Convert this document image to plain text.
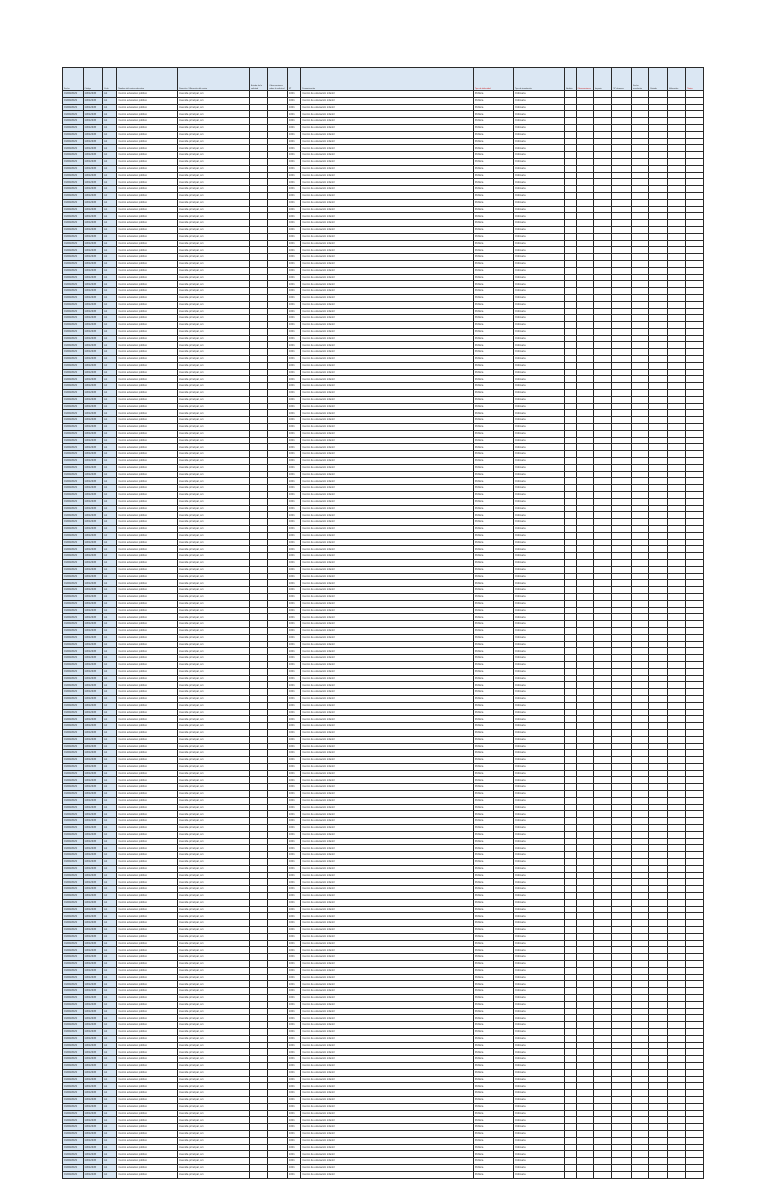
Fecha	Código	Ciclo	Nombre del centro educativo	Dirección / Ubicación del centro	Estado de la solicitud	Observaciones sobre la solicitud	Nº	Denominación	Tipo de titularidad	Tipo de tramitación	Ámbito	Observaciones	Importe	Nº alumnos	Fecha resolución	Estado	Valoración	Notas
01/09/2023	13012345	A1	Centro educativo público	Avenida principal, s/n			1001	Centro de educación infantil	Pública	Ordinaria								
01/09/2023	13012345	A1	Centro educativo público	Avenida principal, s/n			1001	Centro de educación infantil	Pública	Ordinaria								
01/09/2023	13012345	A1	Centro educativo público	Avenida principal, s/n			1001	Centro de educación infantil	Pública	Ordinaria								
01/09/2023	13012345	A1	Centro educativo público	Avenida principal, s/n			1001	Centro de educación infantil	Pública	Ordinaria								
01/09/2023	13012345	A1	Centro educativo público	Avenida principal, s/n			1001	Centro de educación infantil	Pública	Ordinaria								
01/09/2023	13012345	A1	Centro educativo público	Avenida principal, s/n			1001	Centro de educación infantil	Pública	Ordinaria								
01/09/2023	13012345	A1	Centro educativo público	Avenida principal, s/n			1001	Centro de educación infantil	Pública	Ordinaria								
01/09/2023	13012345	A1	Centro educativo público	Avenida principal, s/n			1001	Centro de educación infantil	Pública	Ordinaria								
01/09/2023	13012345	A1	Centro educativo público	Avenida principal, s/n			1001	Centro de educación infantil	Pública	Ordinaria								
01/09/2023	13012345	A1	Centro educativo público	Avenida principal, s/n			1001	Centro de educación infantil	Pública	Ordinaria								
01/09/2023	13012345	A1	Centro educativo público	Avenida principal, s/n			1001	Centro de educación infantil	Pública	Ordinaria								
01/09/2023	13012345	A1	Centro educativo público	Avenida principal, s/n			1001	Centro de educación infantil	Pública	Ordinaria								
01/09/2023	13012345	A1	Centro educativo público	Avenida principal, s/n			1001	Centro de educación infantil	Pública	Ordinaria								
01/09/2023	13012345	A1	Centro educativo público	Avenida principal, s/n			1001	Centro de educación infantil	Pública	Ordinaria								
01/09/2023	13012345	A1	Centro educativo público	Avenida principal, s/n			1001	Centro de educación infantil	Pública	Ordinaria								
01/09/2023	13012345	A1	Centro educativo público	Avenida principal, s/n			1001	Centro de educación infantil	Pública	Ordinaria								
01/09/2023	13012345	A1	Centro educativo público	Avenida principal, s/n			1001	Centro de educación infantil	Pública	Ordinaria								
01/09/2023	13012345	A1	Centro educativo público	Avenida principal, s/n			1001	Centro de educación infantil	Pública	Ordinaria								
01/09/2023	13012345	A1	Centro educativo público	Avenida principal, s/n			1001	Centro de educación infantil	Pública	Ordinaria								
01/09/2023	13012345	A1	Centro educativo público	Avenida principal, s/n			1001	Centro de educación infantil	Pública	Ordinaria								
01/09/2023	13012345	A1	Centro educativo público	Avenida principal, s/n			1001	Centro de educación infantil	Pública	Ordinaria								
01/09/2023	13012345	A1	Centro educativo público	Avenida principal, s/n			1001	Centro de educación infantil	Pública	Ordinaria								
01/09/2023	13012345	A1	Centro educativo público	Avenida principal, s/n			1001	Centro de educación infantil	Pública	Ordinaria								
01/09/2023	13012345	A1	Centro educativo público	Avenida principal, s/n			1001	Centro de educación infantil	Pública	Ordinaria								
01/09/2023	13012345	A1	Centro educativo público	Avenida principal, s/n			1001	Centro de educación infantil	Pública	Ordinaria								
01/09/2023	13012345	A1	Centro educativo público	Avenida principal, s/n			1001	Centro de educación infantil	Pública	Ordinaria								
01/09/2023	13012345	A1	Centro educativo público	Avenida principal, s/n			1001	Centro de educación infantil	Pública	Ordinaria								
01/09/2023	13012345	A1	Centro educativo público	Avenida principal, s/n			1001	Centro de educación infantil	Pública	Ordinaria								
01/09/2023	13012345	A1	Centro educativo público	Avenida principal, s/n			1001	Centro de educación infantil	Pública	Ordinaria								
01/09/2023	13012345	A1	Centro educativo público	Avenida principal, s/n			1001	Centro de educación infantil	Pública	Ordinaria								
01/09/2023	13012345	A1	Centro educativo público	Avenida principal, s/n			1001	Centro de educación infantil	Pública	Ordinaria								
01/09/2023	13012345	A1	Centro educativo público	Avenida principal, s/n			1001	Centro de educación infantil	Pública	Ordinaria								
01/09/2023	13012345	A1	Centro educativo público	Avenida principal, s/n			1001	Centro de educación infantil	Pública	Ordinaria								
01/09/2023	13012345	A1	Centro educativo público	Avenida principal, s/n			1001	Centro de educación infantil	Pública	Ordinaria								
01/09/2023	13012345	A1	Centro educativo público	Avenida principal, s/n			1001	Centro de educación infantil	Pública	Ordinaria								
01/09/2023	13012345	A1	Centro educativo público	Avenida principal, s/n			1001	Centro de educación infantil	Pública	Ordinaria								
01/09/2023	13012345	A1	Centro educativo público	Avenida principal, s/n			1001	Centro de educación infantil	Pública	Ordinaria								
01/09/2023	13012345	A1	Centro educativo público	Avenida principal, s/n			1001	Centro de educación infantil	Pública	Ordinaria								
01/09/2023	13012345	A1	Centro educativo público	Avenida principal, s/n			1001	Centro de educación infantil	Pública	Ordinaria								
01/09/2023	13012345	A1	Centro educativo público	Avenida principal, s/n			1001	Centro de educación infantil	Pública	Ordinaria								
01/09/2023	13012345	A1	Centro educativo público	Avenida principal, s/n			1001	Centro de educación infantil	Pública	Ordinaria								
01/09/2023	13012345	A1	Centro educativo público	Avenida principal, s/n			1001	Centro de educación infantil	Pública	Ordinaria								
01/09/2023	13012345	A1	Centro educativo público	Avenida principal, s/n			1001	Centro de educación infantil	Pública	Ordinaria								
01/09/2023	13012345	A1	Centro educativo público	Avenida principal, s/n			1001	Centro de educación infantil	Pública	Ordinaria								
01/09/2023	13012345	A1	Centro educativo público	Avenida principal, s/n			1001	Centro de educación infantil	Pública	Ordinaria								
01/09/2023	13012345	A1	Centro educativo público	Avenida principal, s/n			1001	Centro de educación infantil	Pública	Ordinaria								
01/09/2023	13012345	A1	Centro educativo público	Avenida principal, s/n			1001	Centro de educación infantil	Pública	Ordinaria								
01/09/2023	13012345	A1	Centro educativo público	Avenida principal, s/n			1001	Centro de educación infantil	Pública	Ordinaria								
01/09/2023	13012345	A1	Centro educativo público	Avenida principal, s/n			1001	Centro de educación infantil	Pública	Ordinaria								
01/09/2023	13012345	A1	Centro educativo público	Avenida principal, s/n			1001	Centro de educación infantil	Pública	Ordinaria								
01/09/2023	13012345	A1	Centro educativo público	Avenida principal, s/n			1001	Centro de educación infantil	Pública	Ordinaria								
01/09/2023	13012345	A1	Centro educativo público	Avenida principal, s/n			1001	Centro de educación infantil	Pública	Ordinaria								
01/09/2023	13012345	A1	Centro educativo público	Avenida principal, s/n			1001	Centro de educación infantil	Pública	Ordinaria								
01/09/2023	13012345	A1	Centro educativo público	Avenida principal, s/n			1001	Centro de educación infantil	Pública	Ordinaria								
01/09/2023	13012345	A1	Centro educativo público	Avenida principal, s/n			1001	Centro de educación infantil	Pública	Ordinaria								
01/09/2023	13012345	A1	Centro educativo público	Avenida principal, s/n			1001	Centro de educación infantil	Pública	Ordinaria								
01/09/2023	13012345	A1	Centro educativo público	Avenida principal, s/n			1001	Centro de educación infantil	Pública	Ordinaria								
01/09/2023	13012345	A1	Centro educativo público	Avenida principal, s/n			1001	Centro de educación infantil	Pública	Ordinaria								
01/09/2023	13012345	A1	Centro educativo público	Avenida principal, s/n			1001	Centro de educación infantil	Pública	Ordinaria								
01/09/2023	13012345	A1	Centro educativo público	Avenida principal, s/n			1001	Centro de educación infantil	Pública	Ordinaria								
01/09/2023	13012345	A1	Centro educativo público	Avenida principal, s/n			1001	Centro de educación infantil	Pública	Ordinaria								
01/09/2023	13012345	A1	Centro educativo público	Avenida principal, s/n			1001	Centro de educación infantil	Pública	Ordinaria								
01/09/2023	13012345	A1	Centro educativo público	Avenida principal, s/n			1001	Centro de educación infantil	Pública	Ordinaria								
01/09/2023	13012345	A1	Centro educativo público	Avenida principal, s/n			1001	Centro de educación infantil	Pública	Ordinaria								
01/09/2023	13012345	A1	Centro educativo público	Avenida principal, s/n			1001	Centro de educación infantil	Pública	Ordinaria								
01/09/2023	13012345	A1	Centro educativo público	Avenida principal, s/n			1001	Centro de educación infantil	Pública	Ordinaria								
01/09/2023	13012345	A1	Centro educativo público	Avenida principal, s/n			1001	Centro de educación infantil	Pública	Ordinaria								
01/09/2023	13012345	A1	Centro educativo público	Avenida principal, s/n			1001	Centro de educación infantil	Pública	Ordinaria								
01/09/2023	13012345	A1	Centro educativo público	Avenida principal, s/n			1001	Centro de educación infantil	Pública	Ordinaria								
01/09/2023	13012345	A1	Centro educativo público	Avenida principal, s/n			1001	Centro de educación infantil	Pública	Ordinaria								
01/09/2023	13012345	A1	Centro educativo público	Avenida principal, s/n			1001	Centro de educación infantil	Pública	Ordinaria								
01/09/2023	13012345	A1	Centro educativo público	Avenida principal, s/n			1001	Centro de educación infantil	Pública	Ordinaria								
01/09/2023	13012345	A1	Centro educativo público	Avenida principal, s/n			1001	Centro de educación infantil	Pública	Ordinaria								
01/09/2023	13012345	A1	Centro educativo público	Avenida principal, s/n			1001	Centro de educación infantil	Pública	Ordinaria								
01/09/2023	13012345	A1	Centro educativo público	Avenida principal, s/n			1001	Centro de educación infantil	Pública	Ordinaria								
01/09/2023	13012345	A1	Centro educativo público	Avenida principal, s/n			1001	Centro de educación infantil	Pública	Ordinaria								
01/09/2023	13012345	A1	Centro educativo público	Avenida principal, s/n			1001	Centro de educación infantil	Pública	Ordinaria								
01/09/2023	13012345	A1	Centro educativo público	Avenida principal, s/n			1001	Centro de educación infantil	Pública	Ordinaria								
01/09/2023	13012345	A1	Centro educativo público	Avenida principal, s/n			1001	Centro de educación infantil	Pública	Ordinaria								
01/09/2023	13012345	A1	Centro educativo público	Avenida principal, s/n			1001	Centro de educación infantil	Pública	Ordinaria								
01/09/2023	13012345	A1	Centro educativo público	Avenida principal, s/n			1001	Centro de educación infantil	Pública	Ordinaria								
01/09/2023	13012345	A1	Centro educativo público	Avenida principal, s/n			1001	Centro de educación infantil	Pública	Ordinaria								
01/09/2023	13012345	A1	Centro educativo público	Avenida principal, s/n			1001	Centro de educación infantil	Pública	Ordinaria								
01/09/2023	13012345	A1	Centro educativo público	Avenida principal, s/n			1001	Centro de educación infantil	Pública	Ordinaria								
01/09/2023	13012345	A1	Centro educativo público	Avenida principal, s/n			1001	Centro de educación infantil	Pública	Ordinaria								
01/09/2023	13012345	A1	Centro educativo público	Avenida principal, s/n			1001	Centro de educación infantil	Pública	Ordinaria								
01/09/2023	13012345	A1	Centro educativo público	Avenida principal, s/n			1001	Centro de educación infantil	Pública	Ordinaria								
01/09/2023	13012345	A1	Centro educativo público	Avenida principal, s/n			1001	Centro de educación infantil	Pública	Ordinaria								
01/09/2023	13012345	A1	Centro educativo público	Avenida principal, s/n			1001	Centro de educación infantil	Pública	Ordinaria								
01/09/2023	13012345	A1	Centro educativo público	Avenida principal, s/n			1001	Centro de educación infantil	Pública	Ordinaria								
01/09/2023	13012345	A1	Centro educativo público	Avenida principal, s/n			1001	Centro de educación infantil	Pública	Ordinaria								
01/09/2023	13012345	A1	Centro educativo público	Avenida principal, s/n			1001	Centro de educación infantil	Pública	Ordinaria								
01/09/2023	13012345	A1	Centro educativo público	Avenida principal, s/n			1001	Centro de educación infantil	Pública	Ordinaria								
01/09/2023	13012345	A1	Centro educativo público	Avenida principal, s/n			1001	Centro de educación infantil	Pública	Ordinaria								
01/09/2023	13012345	A1	Centro educativo público	Avenida principal, s/n			1001	Centro de educación infantil	Pública	Ordinaria								
01/09/2023	13012345	A1	Centro educativo público	Avenida principal, s/n			1001	Centro de educación infantil	Pública	Ordinaria								
01/09/2023	13012345	A1	Centro educativo público	Avenida principal, s/n			1001	Centro de educación infantil	Pública	Ordinaria								
01/09/2023	13012345	A1	Centro educativo público	Avenida principal, s/n			1001	Centro de educación infantil	Pública	Ordinaria								
01/09/2023	13012345	A1	Centro educativo público	Avenida principal, s/n			1001	Centro de educación infantil	Pública	Ordinaria								
01/09/2023	13012345	A1	Centro educativo público	Avenida principal, s/n			1001	Centro de educación infantil	Pública	Ordinaria								
01/09/2023	13012345	A1	Centro educativo público	Avenida principal, s/n			1001	Centro de educación infantil	Pública	Ordinaria								
01/09/2023	13012345	A1	Centro educativo público	Avenida principal, s/n			1001	Centro de educación infantil	Pública	Ordinaria								
01/09/2023	13012345	A1	Centro educativo público	Avenida principal, s/n			1001	Centro de educación infantil	Pública	Ordinaria								
01/09/2023	13012345	A1	Centro educativo público	Avenida principal, s/n			1001	Centro de educación infantil	Pública	Ordinaria								
01/09/2023	13012345	A1	Centro educativo público	Avenida principal, s/n			1001	Centro de educación infantil	Pública	Ordinaria								
01/09/2023	13012345	A1	Centro educativo público	Avenida principal, s/n			1001	Centro de educación infantil	Pública	Ordinaria								
01/09/2023	13012345	A1	Centro educativo público	Avenida principal, s/n			1001	Centro de educación infantil	Pública	Ordinaria								
01/09/2023	13012345	A1	Centro educativo público	Avenida principal, s/n			1001	Centro de educación infantil	Pública	Ordinaria								
01/09/2023	13012345	A1	Centro educativo público	Avenida principal, s/n			1001	Centro de educación infantil	Pública	Ordinaria								
01/09/2023	13012345	A1	Centro educativo público	Avenida principal, s/n			1001	Centro de educación infantil	Pública	Ordinaria								
01/09/2023	13012345	A1	Centro educativo público	Avenida principal, s/n			1001	Centro de educación infantil	Pública	Ordinaria								
01/09/2023	13012345	A1	Centro educativo público	Avenida principal, s/n			1001	Centro de educación infantil	Pública	Ordinaria								
01/09/2023	13012345	A1	Centro educativo público	Avenida principal, s/n			1001	Centro de educación infantil	Pública	Ordinaria								
01/09/2023	13012345	A1	Centro educativo público	Avenida principal, s/n			1001	Centro de educación infantil	Pública	Ordinaria								
01/09/2023	13012345	A1	Centro educativo público	Avenida principal, s/n			1001	Centro de educación infantil	Pública	Ordinaria								
01/09/2023	13012345	A1	Centro educativo público	Avenida principal, s/n			1001	Centro de educación infantil	Pública	Ordinaria								
01/09/2023	13012345	A1	Centro educativo público	Avenida principal, s/n			1001	Centro de educación infantil	Pública	Ordinaria								
01/09/2023	13012345	A1	Centro educativo público	Avenida principal, s/n			1001	Centro de educación infantil	Pública	Ordinaria								
01/09/2023	13012345	A1	Centro educativo público	Avenida principal, s/n			1001	Centro de educación infantil	Pública	Ordinaria								
01/09/2023	13012345	A1	Centro educativo público	Avenida principal, s/n			1001	Centro de educación infantil	Pública	Ordinaria								
01/09/2023	13012345	A1	Centro educativo público	Avenida principal, s/n			1001	Centro de educación infantil	Pública	Ordinaria								
01/09/2023	13012345	A1	Centro educativo público	Avenida principal, s/n			1001	Centro de educación infantil	Pública	Ordinaria								
01/09/2023	13012345	A1	Centro educativo público	Avenida principal, s/n			1001	Centro de educación infantil	Pública	Ordinaria								
01/09/2023	13012345	A1	Centro educativo público	Avenida principal, s/n			1001	Centro de educación infantil	Pública	Ordinaria								
01/09/2023	13012345	A1	Centro educativo público	Avenida principal, s/n			1001	Centro de educación infantil	Pública	Ordinaria								
01/09/2023	13012345	A1	Centro educativo público	Avenida principal, s/n			1001	Centro de educación infantil	Pública	Ordinaria								
01/09/2023	13012345	A1	Centro educativo público	Avenida principal, s/n			1001	Centro de educación infantil	Pública	Ordinaria								
01/09/2023	13012345	A1	Centro educativo público	Avenida principal, s/n			1001	Centro de educación infantil	Pública	Ordinaria								
01/09/2023	13012345	A1	Centro educativo público	Avenida principal, s/n			1001	Centro de educación infantil	Pública	Ordinaria								
01/09/2023	13012345	A1	Centro educativo público	Avenida principal, s/n			1001	Centro de educación infantil	Pública	Ordinaria								
01/09/2023	13012345	A1	Centro educativo público	Avenida principal, s/n			1001	Centro de educación infantil	Pública	Ordinaria								
01/09/2023	13012345	A1	Centro educativo público	Avenida principal, s/n			1001	Centro de educación infantil	Pública	Ordinaria								
01/09/2023	13012345	A1	Centro educativo público	Avenida principal, s/n			1001	Centro de educación infantil	Pública	Ordinaria								
01/09/2023	13012345	A1	Centro educativo público	Avenida principal, s/n			1001	Centro de educación infantil	Pública	Ordinaria								
01/09/2023	13012345	A1	Centro educativo público	Avenida principal, s/n			1001	Centro de educación infantil	Pública	Ordinaria								
01/09/2023	13012345	A1	Centro educativo público	Avenida principal, s/n			1001	Centro de educación infantil	Pública	Ordinaria								
01/09/2023	13012345	A1	Centro educativo público	Avenida principal, s/n			1001	Centro de educación infantil	Pública	Ordinaria								
01/09/2023	13012345	A1	Centro educativo público	Avenida principal, s/n			1001	Centro de educación infantil	Pública	Ordinaria								
01/09/2023	13012345	A1	Centro educativo público	Avenida principal, s/n			1001	Centro de educación infantil	Pública	Ordinaria								
01/09/2023	13012345	A1	Centro educativo público	Avenida principal, s/n			1001	Centro de educación infantil	Pública	Ordinaria								
01/09/2023	13012345	A1	Centro educativo público	Avenida principal, s/n			1001	Centro de educación infantil	Pública	Ordinaria								
01/09/2023	13012345	A1	Centro educativo público	Avenida principal, s/n			1001	Centro de educación infantil	Pública	Ordinaria								
01/09/2023	13012345	A1	Centro educativo público	Avenida principal, s/n			1001	Centro de educación infantil	Pública	Ordinaria								
01/09/2023	13012345	A1	Centro educativo público	Avenida principal, s/n			1001	Centro de educación infantil	Pública	Ordinaria								
01/09/2023	13012345	A1	Centro educativo público	Avenida principal, s/n			1001	Centro de educación infantil	Pública	Ordinaria								
01/09/2023	13012345	A1	Centro educativo público	Avenida principal, s/n			1001	Centro de educación infantil	Pública	Ordinaria								
01/09/2023	13012345	A1	Centro educativo público	Avenida principal, s/n			1001	Centro de educación infantil	Pública	Ordinaria								
01/09/2023	13012345	A1	Centro educativo público	Avenida principal, s/n			1001	Centro de educación infantil	Pública	Ordinaria								
01/09/2023	13012345	A1	Centro educativo público	Avenida principal, s/n			1001	Centro de educación infantil	Pública	Ordinaria								
01/09/2023	13012345	A1	Centro educativo público	Avenida principal, s/n			1001	Centro de educación infantil	Pública	Ordinaria								
01/09/2023	13012345	A1	Centro educativo público	Avenida principal, s/n			1001	Centro de educación infantil	Pública	Ordinaria								
01/09/2023	13012345	A1	Centro educativo público	Avenida principal, s/n			1001	Centro de educación infantil	Pública	Ordinaria								
01/09/2023	13012345	A1	Centro educativo público	Avenida principal, s/n			1001	Centro de educación infantil	Pública	Ordinaria								
01/09/2023	13012345	A1	Centro educativo público	Avenida principal, s/n			1001	Centro de educación infantil	Pública	Ordinaria								
01/09/2023	13012345	A1	Centro educativo público	Avenida principal, s/n			1001	Centro de educación infantil	Pública	Ordinaria								
01/09/2023	13012345	A1	Centro educativo público	Avenida principal, s/n			1001	Centro de educación infantil	Pública	Ordinaria								
01/09/2023	13012345	A1	Centro educativo público	Avenida principal, s/n			1001	Centro de educación infantil	Pública	Ordinaria								
01/09/2023	13012345	A1	Centro educativo público	Avenida principal, s/n			1001	Centro de educación infantil	Pública	Ordinaria								
01/09/2023	13012345	A1	Centro educativo público	Avenida principal, s/n			1001	Centro de educación infantil	Pública	Ordinaria								
01/09/2023	13012345	A1	Centro educativo público	Avenida principal, s/n			1001	Centro de educación infantil	Pública	Ordinaria								
